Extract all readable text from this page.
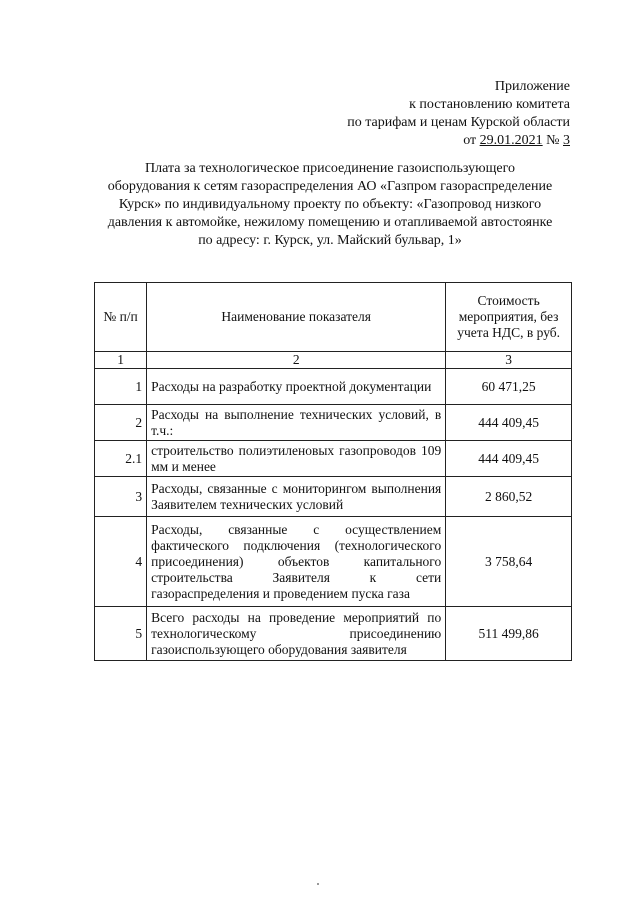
Приложение
к постановлению комитета
по тарифам и ценам Курской области
от 29.01.2021 № 3
Плата за технологическое присоединение газоиспользующего
оборудования к сетям газораспределения АО «Газпром газораспределение
Курск» по индивидуальному проекту по объекту: «Газопровод низкого
давления к автомойке, нежилому помещению и отапливаемой автостоянке
по адресу: г. Курск, ул. Майский бульвар, 1»
№ п/п	Наименование показателя	Стоимость мероприятия, без учета НДС, в руб.
1	2	3
1	Расходы на разработку проектной документации	60 471,25
2	Расходы на выполнение технических условий, в т.ч.:	444 409,45
2.1	строительство полиэтиленовых газопроводов 109 мм и менее	444 409,45
3	Расходы, связанные с мониторингом выполнения Заявителем технических условий	2 860,52
4	Расходы, связанные с осуществлением фактического подключения (технологического присоединения) объектов капитального строительства Заявителя к сети газораспределения и проведением пуска газа	3 758,64
5	Всего расходы на проведение мероприятий по технологическому присоединению газоиспользующего оборудования заявителя	511 499,86
